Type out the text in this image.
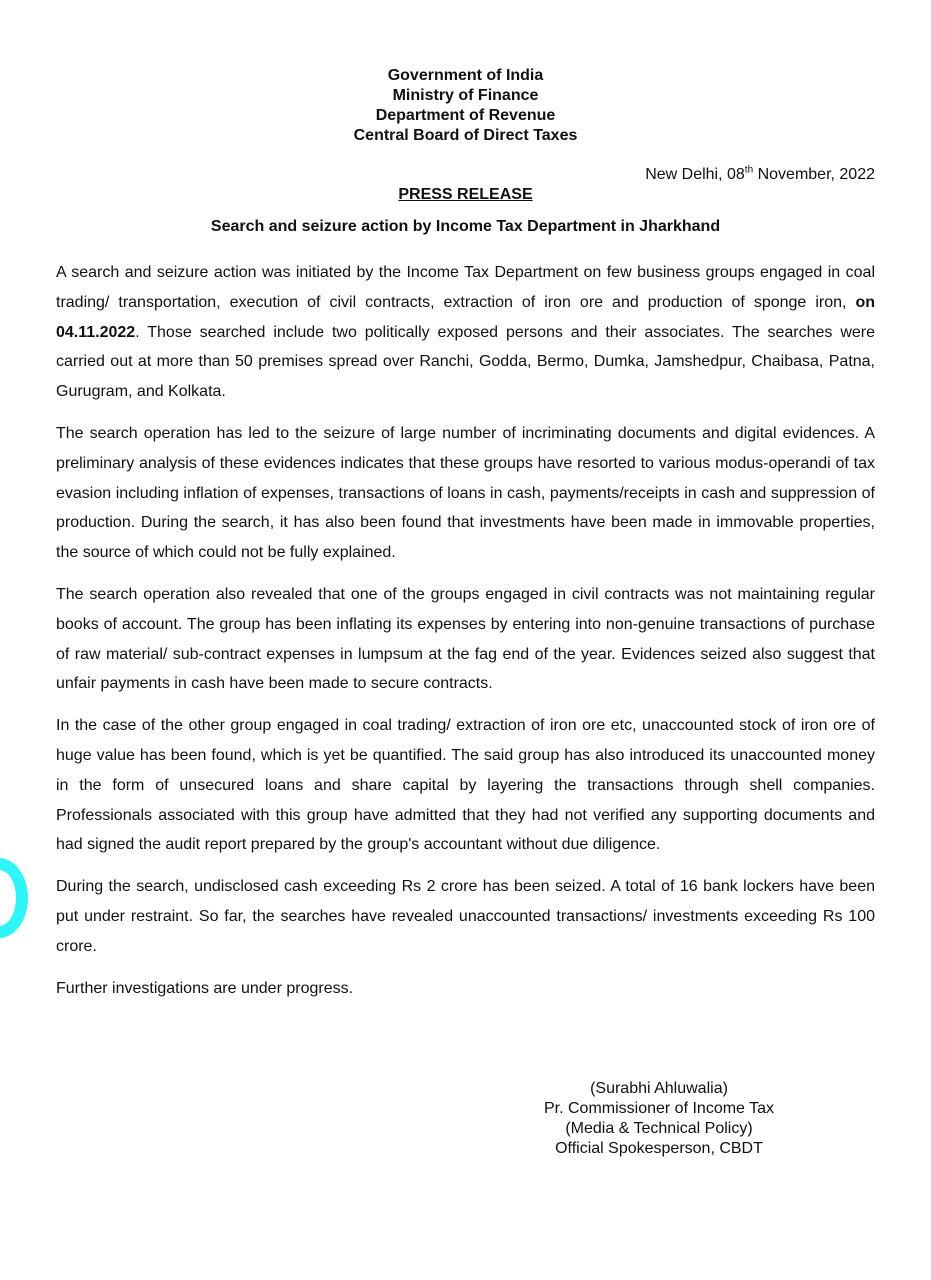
Government of India
Ministry of Finance
Department of Revenue
Central Board of Direct Taxes
New Delhi, 08th November, 2022
PRESS RELEASE
Search and seizure action by Income Tax Department in Jharkhand

A search and seizure action was initiated by the Income Tax Department on few business groups engaged in coal trading/ transportation, execution of civil contracts, extraction of iron ore and production of sponge iron, on 04.11.2022. Those searched include two politically exposed persons and their associates. The searches were carried out at more than 50 premises spread over Ranchi, Godda, Bermo, Dumka, Jamshedpur, Chaibasa, Patna, Gurugram, and Kolkata.

The search operation has led to the seizure of large number of incriminating documents and digital evidences. A preliminary analysis of these evidences indicates that these groups have resorted to various modus-operandi of tax evasion including inflation of expenses, transactions of loans in cash, payments/receipts in cash and suppression of production. During the search, it has also been found that investments have been made in immovable properties, the source of which could not be fully explained.

The search operation also revealed that one of the groups engaged in civil contracts was not maintaining regular books of account. The group has been inflating its expenses by entering into non-genuine transactions of purchase of raw material/ sub-contract expenses in lumpsum at the fag end of the year. Evidences seized also suggest that unfair payments in cash have been made to secure contracts.

In the case of the other group engaged in coal trading/ extraction of iron ore etc, unaccounted stock of iron ore of huge value has been found, which is yet be quantified. The said group has also introduced its unaccounted money in the form of unsecured loans and share capital by layering the transactions through shell companies. Professionals associated with this group have admitted that they had not verified any supporting documents and had signed the audit report prepared by the group's accountant without due diligence.

During the search, undisclosed cash exceeding Rs 2 crore has been seized. A total of 16 bank lockers have been put under restraint. So far, the searches have revealed unaccounted transactions/ investments exceeding Rs 100 crore.

Further investigations are under progress.

(Surabhi Ahluwalia)
Pr. Commissioner of Income Tax
(Media & Technical Policy)
Official Spokesperson, CBDT
